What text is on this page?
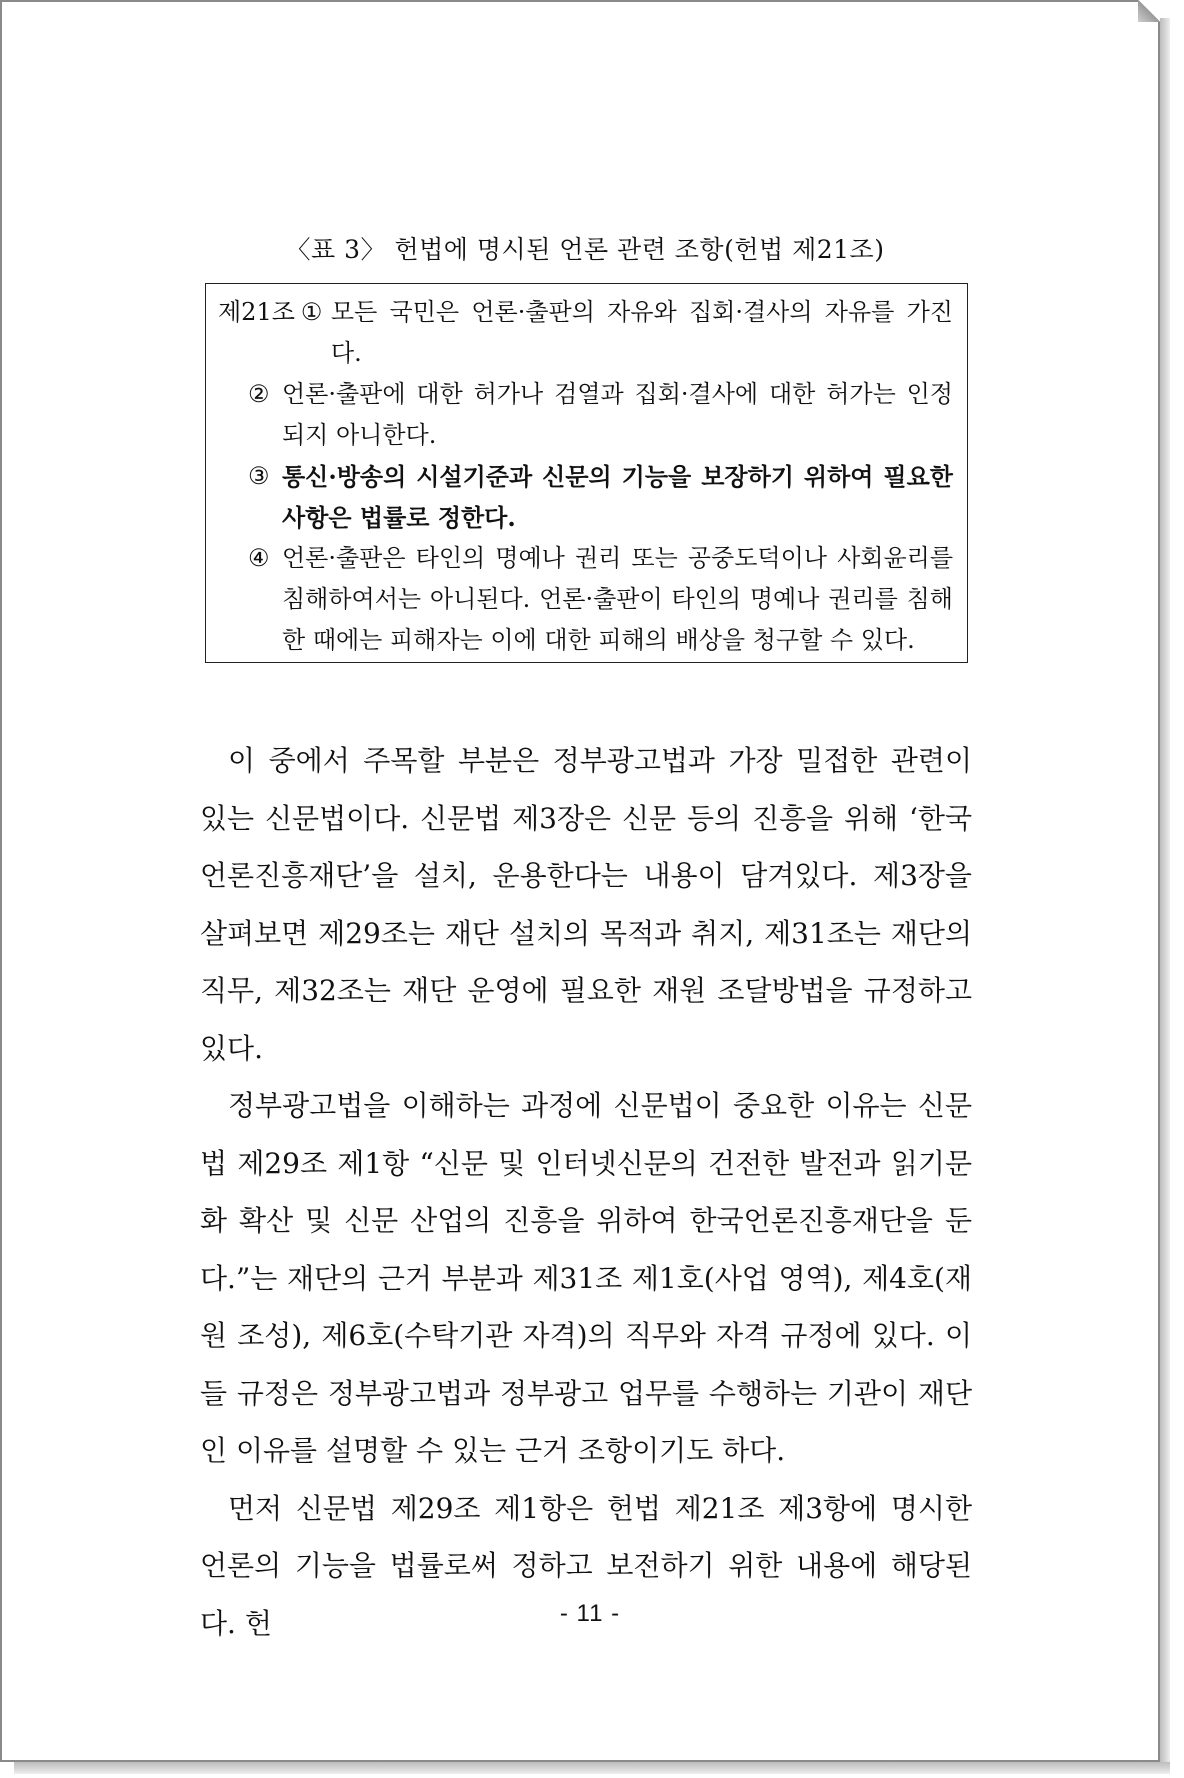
〈표 3〉 헌법에 명시된 언론 관련 조항(헌법 제21조)
제21조 ① 모든 국민은 언론·출판의 자유와 집회·결사의 자유를 가진다.
② 언론·출판에 대한 허가나 검열과 집회·결사에 대한 허가는 인정되지 아니한다.
③ 통신·방송의 시설기준과 신문의 기능을 보장하기 위하여 필요한 사항은 법률로 정한다.
④ 언론·출판은 타인의 명예나 권리 또는 공중도덕이나 사회윤리를 침해하여서는 아니된다. 언론·출판이 타인의 명예나 권리를 침해한 때에는 피해자는 이에 대한 피해의 배상을 청구할 수 있다.

이 중에서 주목할 부분은 정부광고법과 가장 밀접한 관련이 있는 신문법이다. 신문법 제3장은 신문 등의 진흥을 위해 ‘한국언론진흥재단’을 설치, 운용한다는 내용이 담겨있다. 제3장을 살펴보면 제29조는 재단 설치의 목적과 취지, 제31조는 재단의 직무, 제32조는 재단 운영에 필요한 재원 조달방법을 규정하고 있다.

정부광고법을 이해하는 과정에 신문법이 중요한 이유는 신문법 제29조 제1항 “신문 및 인터넷신문의 건전한 발전과 읽기문화 확산 및 신문 산업의 진흥을 위하여 한국언론진흥재단을 둔다.”는 재단의 근거 부분과 제31조 제1호(사업 영역), 제4호(재원 조성), 제6호(수탁기관 자격)의 직무와 자격 규정에 있다. 이들 규정은 정부광고법과 정부광고 업무를 수행하는 기관이 재단인 이유를 설명할 수 있는 근거 조항이기도 하다.

먼저 신문법 제29조 제1항은 헌법 제21조 제3항에 명시한 언론의 기능을 법률로써 정하고 보전하기 위한 내용에 해당된다. 헌	- 11 -
